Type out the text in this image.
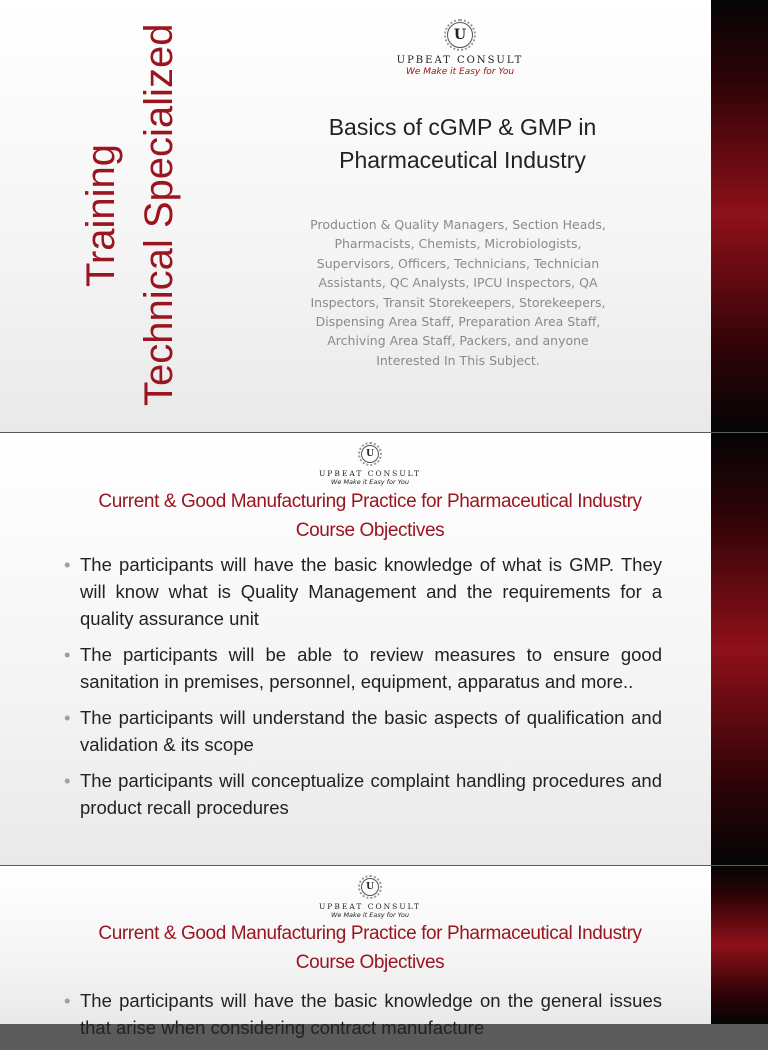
Technical Specialized
Training
U
UPBEAT CONSULT
We Make it Easy for You
Basics of cGMP & GMP in
Pharmaceutical Industry
Production & Quality Managers, Section Heads,
Pharmacists, Chemists, Microbiologists,
Supervisors, Officers, Technicians, Technician
Assistants, QC Analysts, IPCU Inspectors, QA
Inspectors, Transit Storekeepers, Storekeepers,
Dispensing Area Staff, Preparation Area Staff,
Archiving Area Staff, Packers, and anyone
Interested In This Subject.
U
UPBEAT CONSULT
We Make it Easy for You
Current & Good Manufacturing Practice for Pharmaceutical Industry
Course Objectives
• The participants will have the basic knowledge of what is GMP. They will know what is Quality Management and the requirements for a quality assurance unit
• The participants will be able to review measures to ensure good sanitation in premises, personnel, equipment, apparatus and more..
• The participants will understand the basic aspects of qualification and validation & its scope
• The participants will conceptualize complaint handling procedures and product recall procedures
U
UPBEAT CONSULT
We Make it Easy for You
Current & Good Manufacturing Practice for Pharmaceutical Industry
Course Objectives
• The participants will have the basic knowledge on the general issues that arise when considering contract manufacture
